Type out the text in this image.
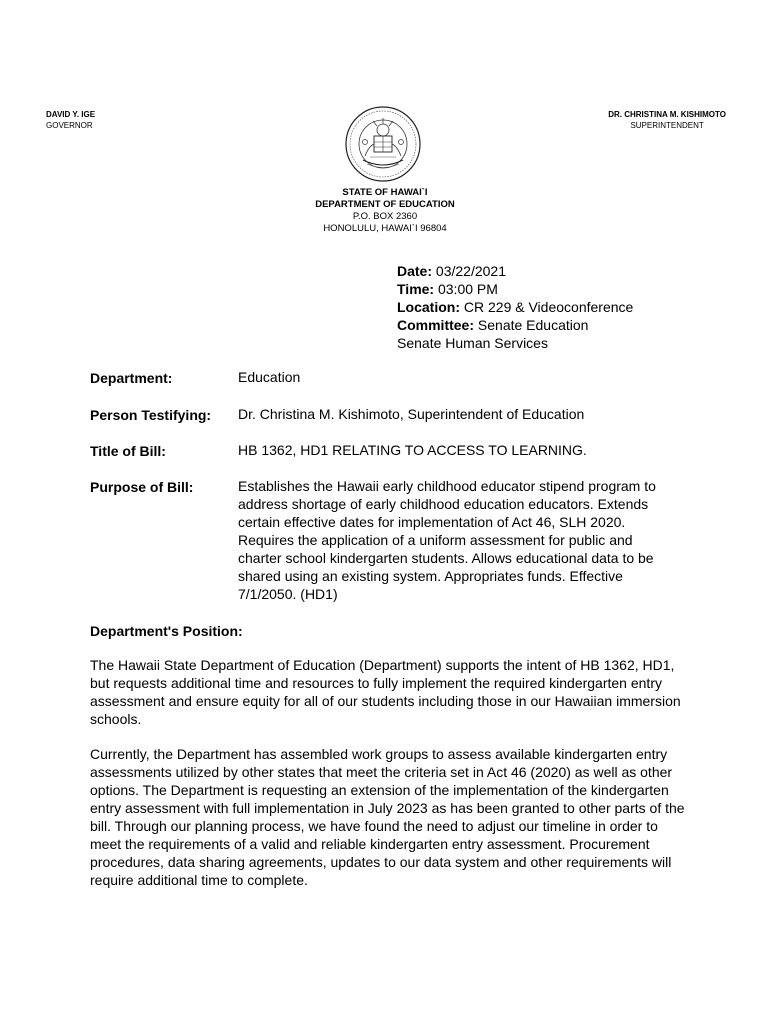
DAVID Y. IGE
GOVERNOR
DR. CHRISTINA M. KISHIMOTO
SUPERINTENDENT
STATE OF HAWAI`I
DEPARTMENT OF EDUCATION
P.O. BOX 2360
HONOLULU, HAWAI`I 96804
Date: 03/22/2021
Time: 03:00 PM
Location: CR 229 & Videoconference
Committee: Senate Education
Senate Human Services
Department:	Education
Person Testifying: Dr. Christina M. Kishimoto, Superintendent of Education
Title of Bill:	HB 1362, HD1 RELATING TO ACCESS TO LEARNING.
Purpose of Bill:	Establishes the Hawaii early childhood educator stipend program to address shortage of early childhood education educators. Extends certain effective dates for implementation of Act 46, SLH 2020. Requires the application of a uniform assessment for public and charter school kindergarten students. Allows educational data to be shared using an existing system. Appropriates funds. Effective 7/1/2050. (HD1)
Department's Position:
The Hawaii State Department of Education (Department) supports the intent of HB 1362, HD1, but requests additional time and resources to fully implement the required kindergarten entry assessment and ensure equity for all of our students including those in our Hawaiian immersion schools.
Currently, the Department has assembled work groups to assess available kindergarten entry assessments utilized by other states that meet the criteria set in Act 46 (2020) as well as other options. The Department is requesting an extension of the implementation of the kindergarten entry assessment with full implementation in July 2023 as has been granted to other parts of the bill. Through our planning process, we have found the need to adjust our timeline in order to meet the requirements of a valid and reliable kindergarten entry assessment. Procurement procedures, data sharing agreements, updates to our data system and other requirements will require additional time to complete.
